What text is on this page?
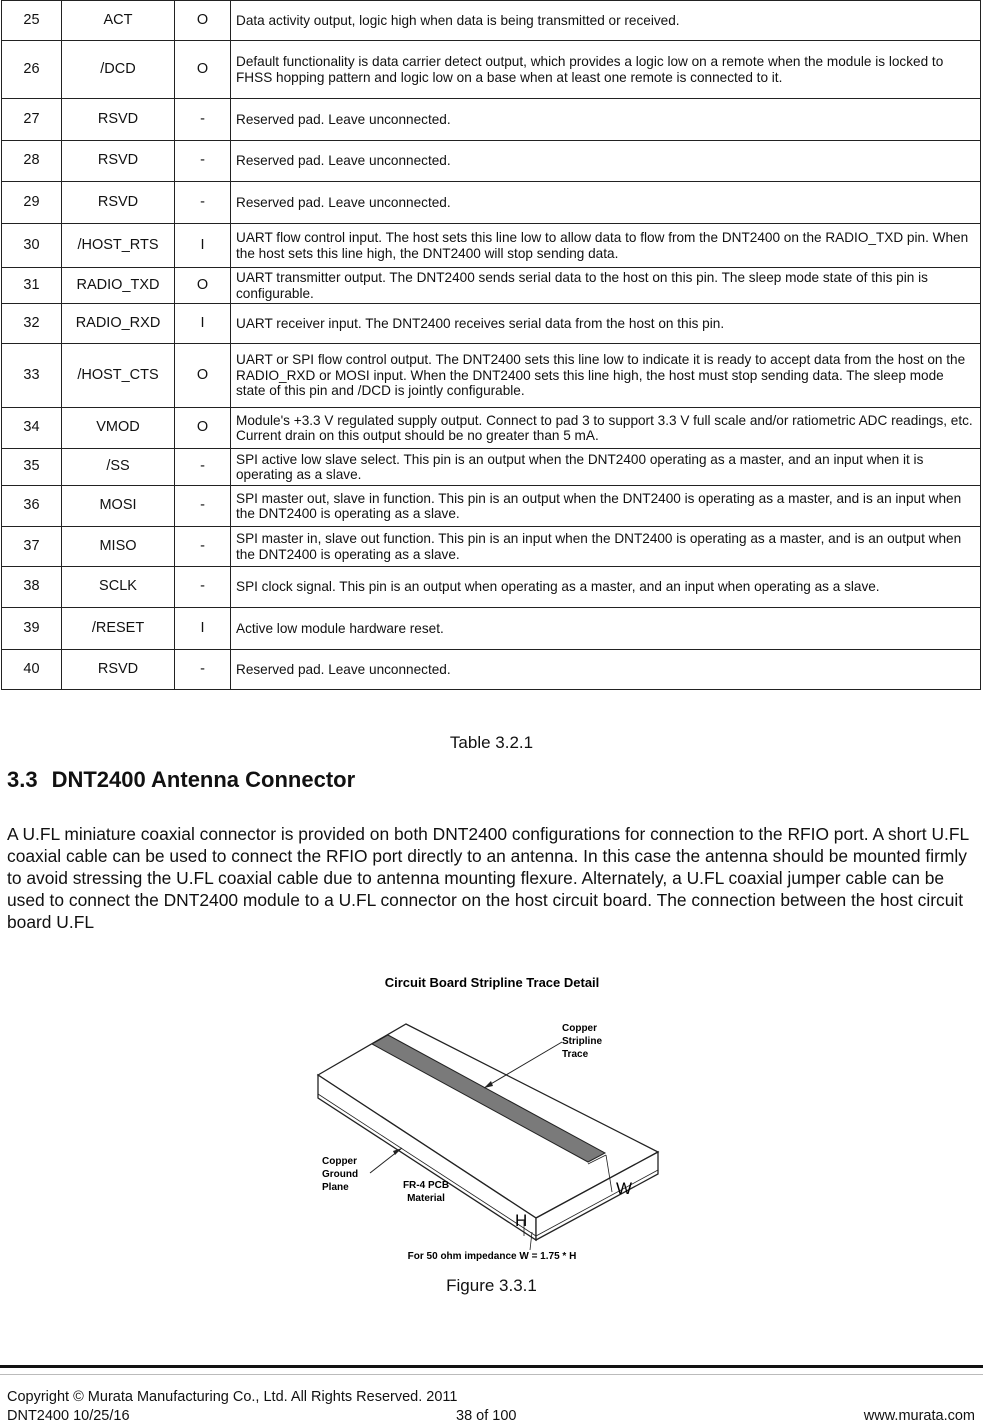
25	ACT	O	Data activity output, logic high when data is being transmitted or received.
26	/DCD	O	Default functionality is data carrier detect output, which provides a logic low on a remote when the module is locked to FHSS hopping pattern and logic low on a base when at least one remote is connected to it.
27	RSVD	-	Reserved pad. Leave unconnected.
28	RSVD	-	Reserved pad. Leave unconnected.
29	RSVD	-	Reserved pad. Leave unconnected.
30	/HOST_RTS	I	UART flow control input. The host sets this line low to allow data to flow from the DNT2400 on the RADIO_TXD pin. When the host sets this line high, the DNT2400 will stop sending data.
31	RADIO_TXD	O	UART transmitter output. The DNT2400 sends serial data to the host on this pin. The sleep mode state of this pin is configurable.
32	RADIO_RXD	I	UART receiver input. The DNT2400 receives serial data from the host on this pin.
33	/HOST_CTS	O	UART or SPI flow control output. The DNT2400 sets this line low to indicate it is ready to accept data from the host on the RADIO_RXD or MOSI input. When the DNT2400 sets this line high, the host must stop sending data. The sleep mode state of this pin and /DCD is jointly configurable.
34	VMOD	O	Module's +3.3 V regulated supply output. Connect to pad 3 to support 3.3 V full scale and/or ratiometric ADC readings, etc. Current drain on this output should be no greater than 5 mA.
35	/SS	-	SPI active low slave select. This pin is an output when the DNT2400 operating as a master, and an input when it is operating as a slave.
36	MOSI	-	SPI master out, slave in function. This pin is an output when the DNT2400 is operating as a master, and is an input when the DNT2400 is operating as a slave.
37	MISO	-	SPI master in, slave out function. This pin is an input when the DNT2400 is operating as a master, and is an output when the DNT2400 is operating as a slave.
38	SCLK	-	SPI clock signal. This pin is an output when operating as a master, and an input when operating as a slave.
39	/RESET	I	Active low module hardware reset.
40	RSVD	-	Reserved pad. Leave unconnected.
Table 3.2.1
3.3 DNT2400 Antenna Connector

A U.FL miniature coaxial connector is provided on both DNT2400 configurations for connection to the RFIO port. A short U.FL coaxial cable can be used to connect the RFIO port directly to an antenna. In this case the antenna should be mounted firmly to avoid stressing the U.FL coaxial cable due to antenna mounting flexure. Alternately, a U.FL coaxial jumper cable can be used to connect the DNT2400 module to a U.FL connector on the host circuit board. The connection between the host circuit board U.FL

Circuit Board Stripline Trace Detail
Copper
Stripline
Trace
Copper
Ground
Plane	FR-4 PCB
Material
W
H
For 50 ohm impedance W = 1.75 * H
Figure 3.3.1
Copyright © Murata Manufacturing Co., Ltd. All Rights Reserved. 2011
DNT2400 10/25/16	38 of 100	www.murata.com
